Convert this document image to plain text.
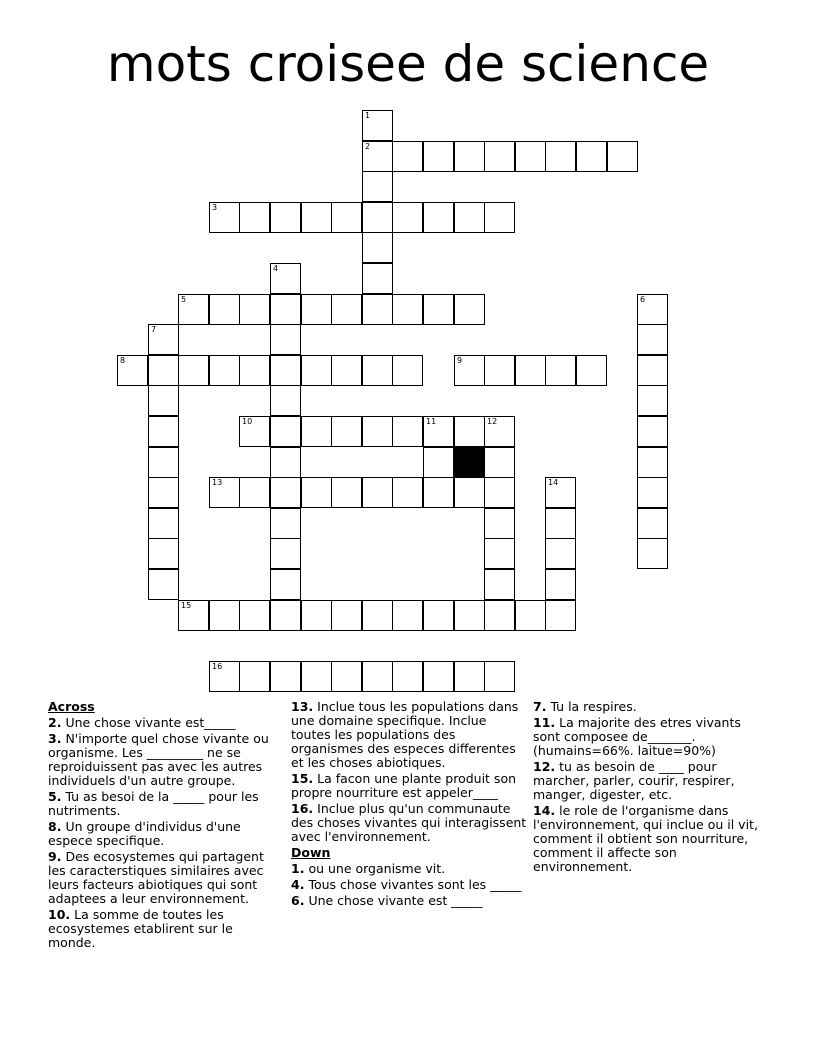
mots croisee de science
1
2
3
4
5	6
7
8	9
10	11	12
13	14
15
16

Across

2. Une chose vivante est_____

3. N'importe quel chose vivante ou organisme. Les _________ ne se reproiduissent pas avec les autres individuels d'un autre groupe.

5. Tu as besoi de la _____ pour les nutriments.

8. Un groupe d'individus d'une espece specifique.

9. Des ecosystemes qui partagent les caracterstiques similaires avec leurs facteurs abiotiques qui sont adaptees a leur environnement.

10. La somme de toutes les ecosystemes etablirent sur le monde.

13. Inclue tous les populations dans une domaine specifique. Inclue toutes les populations des organismes des especes differentes et les choses abiotiques.

15. La facon une plante produit son propre nourriture est appeler____

16. Inclue plus qu'un communaute des choses vivantes qui interagissent avec l'environnement.

Down

1. ou une organisme vit.

4. Tous chose vivantes sont les _____

6. Une chose vivante est _____

7. Tu la respires.

11. La majorite des etres vivants sont composee de_______. (humains=66%. laitue=90%)

12. tu as besoin de ____ pour marcher, parler, courir, respirer, manger, digester, etc.

14. le role de l'organisme dans l'environnement, qui inclue ou il vit, comment il obtient son nourriture, comment il affecte son environnement.
